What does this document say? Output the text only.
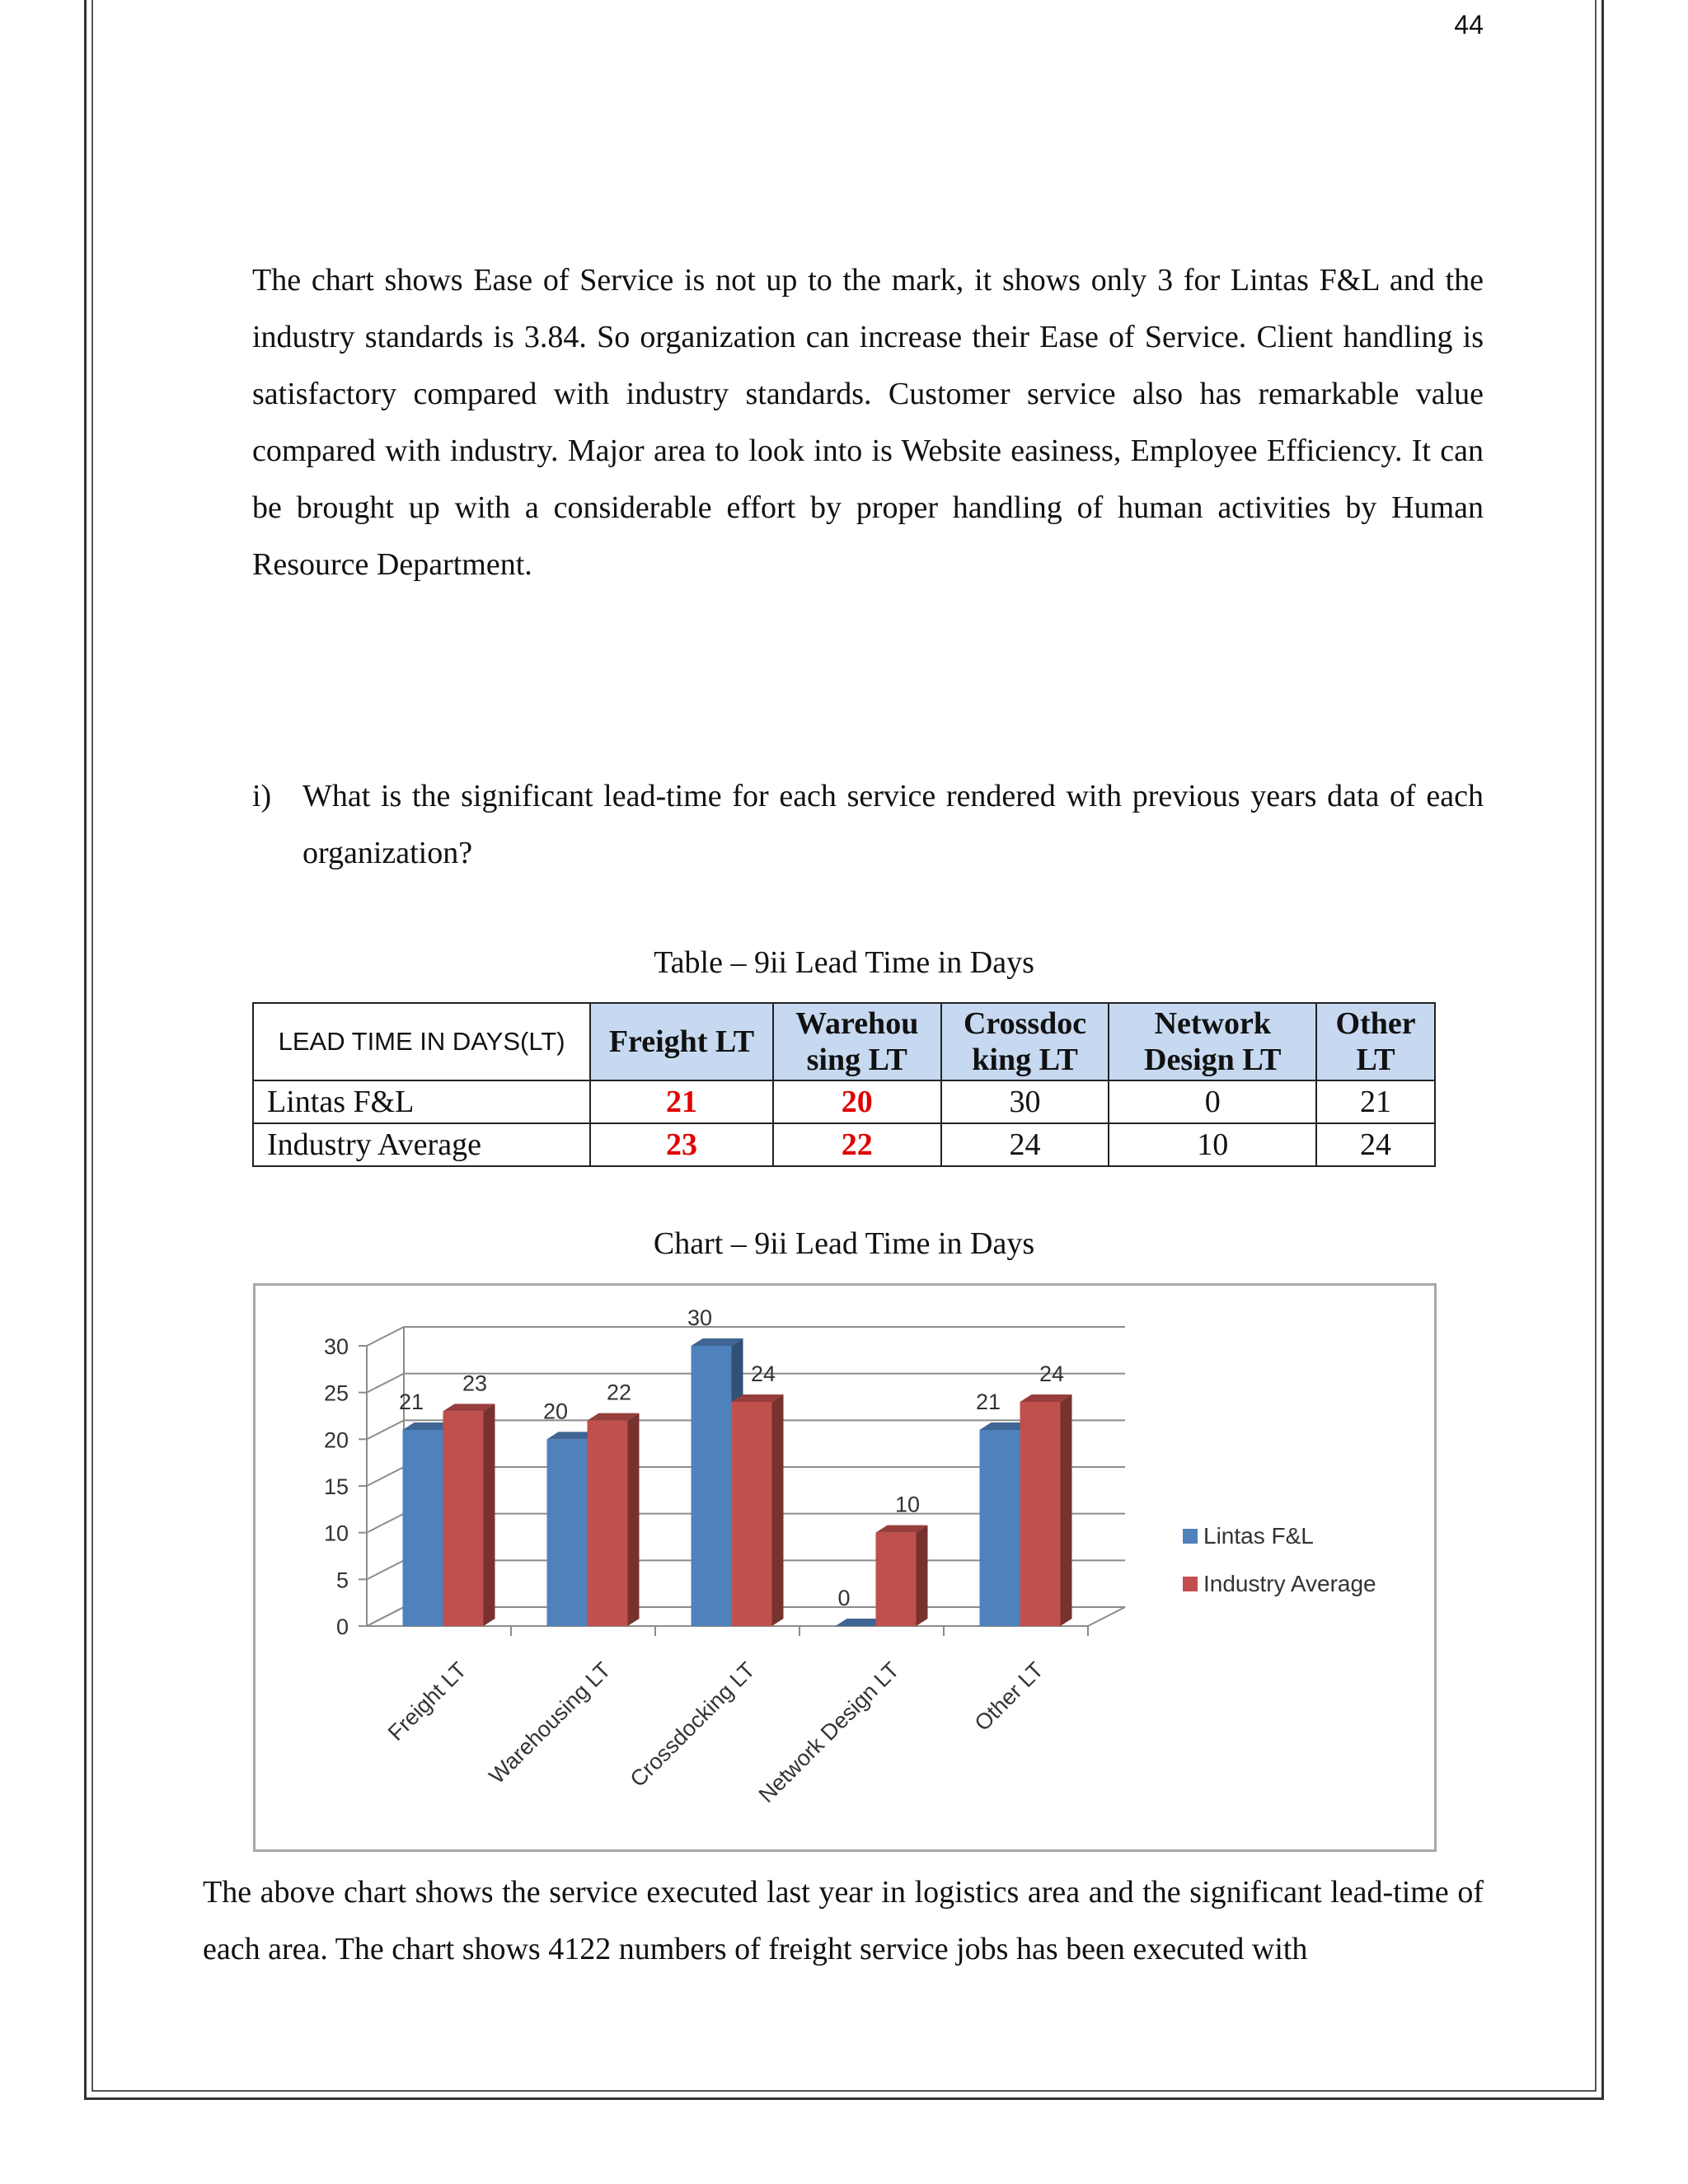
44

The chart shows Ease of Service is not up to the mark, it shows only 3 for Lintas F&L and the industry standards is 3.84. So organization can increase their Ease of Service. Client handling is satisfactory compared with industry standards. Customer service also has remarkable value compared with industry. Major area to look into is Website easiness, Employee Efficiency. It can be brought up with a considerable effort by proper handling of human activities by Human Resource Department.

i) What is the significant lead-time for each service rendered with previous years data of each organization?

Table – 9ii Lead Time in Days
LEAD TIME IN DAYS(LT)	Freight LT	Warehou sing LT	Crossdoc king LT	Network Design LT	Other LT
Lintas F&L	21	20	30	0	21
Industry Average	23	22	24	10	24
Chart – 9ii Lead Time in Days
0
5
10
15
20
25
30
21
23
Freight LT
20
22
Warehousing LT
30
24
Crossdocking LT
0
10
Network Design LT
21
24
Other LT
Lintas F&L
Industry Average

The above chart shows the service executed last year in logistics area and the significant lead-time of each area. The chart shows 4122 numbers of freight service jobs has been executed with
